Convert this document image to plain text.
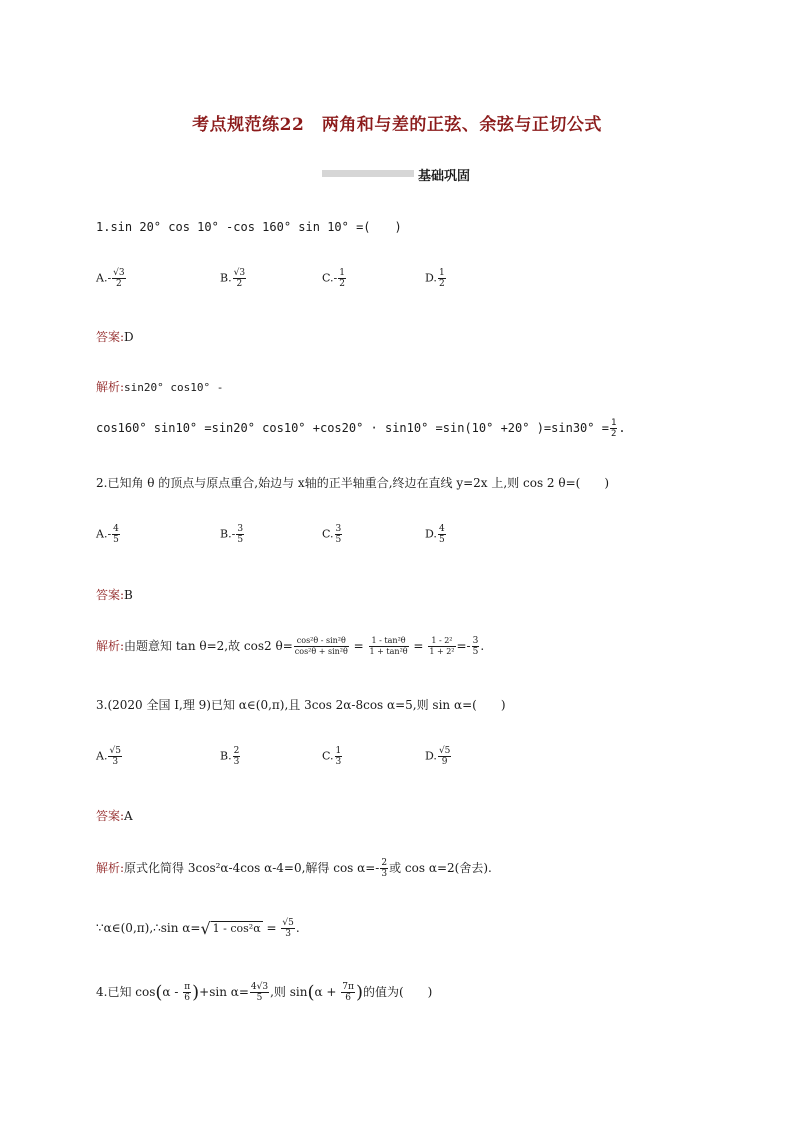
考点规范练22　两角和与差的正弦、余弦与正切公式
基础巩固
1.sin 20° cos 10° -cos 160° sin 10° =(　　)
$A.- \frac{√3}{2}$	B. $\frac{√3}{2}$	$C.- \frac{1}{2}$	D. $\frac{1}{2}$
答案:D
解析:sin20° cos10° -
cos160° sin10° =sin20° cos10° +cos20° · sin10° =sin(10° +20° )$=\sin 30^\circ = \frac{1}{2}$ .
2.已知角 θ 的顶点与原点重合,始边与 x轴的正半轴重合,终边在直线 y=2x 上,则 cos 2 θ=(　　)
$A.- \frac{4}{5}$	$B.- \frac{3}{5}$	C. $\frac{3}{5}$	D. $\frac{4}{5}$
答案:B
解析:由题意知 tan θ=2,故 cos2 $\theta= \frac{\text{cos²θ - sin²θ}}{\text{cos²θ + sin²θ}} = \frac{\text{1 - tan²θ}}{\text{1 + tan²θ}} = \frac{\text{1 - 2²}}{\text{1 + 2²}} =- \frac{3}{5}$ .
3.(2020 全国 Ⅰ,理 9)已知 α∈(0,π),且 3cos 2α-8cos α=5,则 sin α=(　　)
A. $\frac{√5}{3}$	B. $\frac{2}{3}$	C. $\frac{1}{3}$	D. $\frac{√5}{9}$
答案:A
解析:原式化简得 3cos²α-4cos α-4=0,解得 $\cos \alpha=- \frac{2}{3}$ 或 cos α=2(舍去).
∵α∈(0,π),∴sin α=√ $1 - \cos^2\alpha = \frac{√5}{3}$ .
4.已知 $\cos(\alpha - \frac{\pi}{6} )+\sin$ $\alpha= \frac{4√3}{5}$ ,则 $\sin(\alpha + \frac{7\pi}{6}$ )的值为(　　)
